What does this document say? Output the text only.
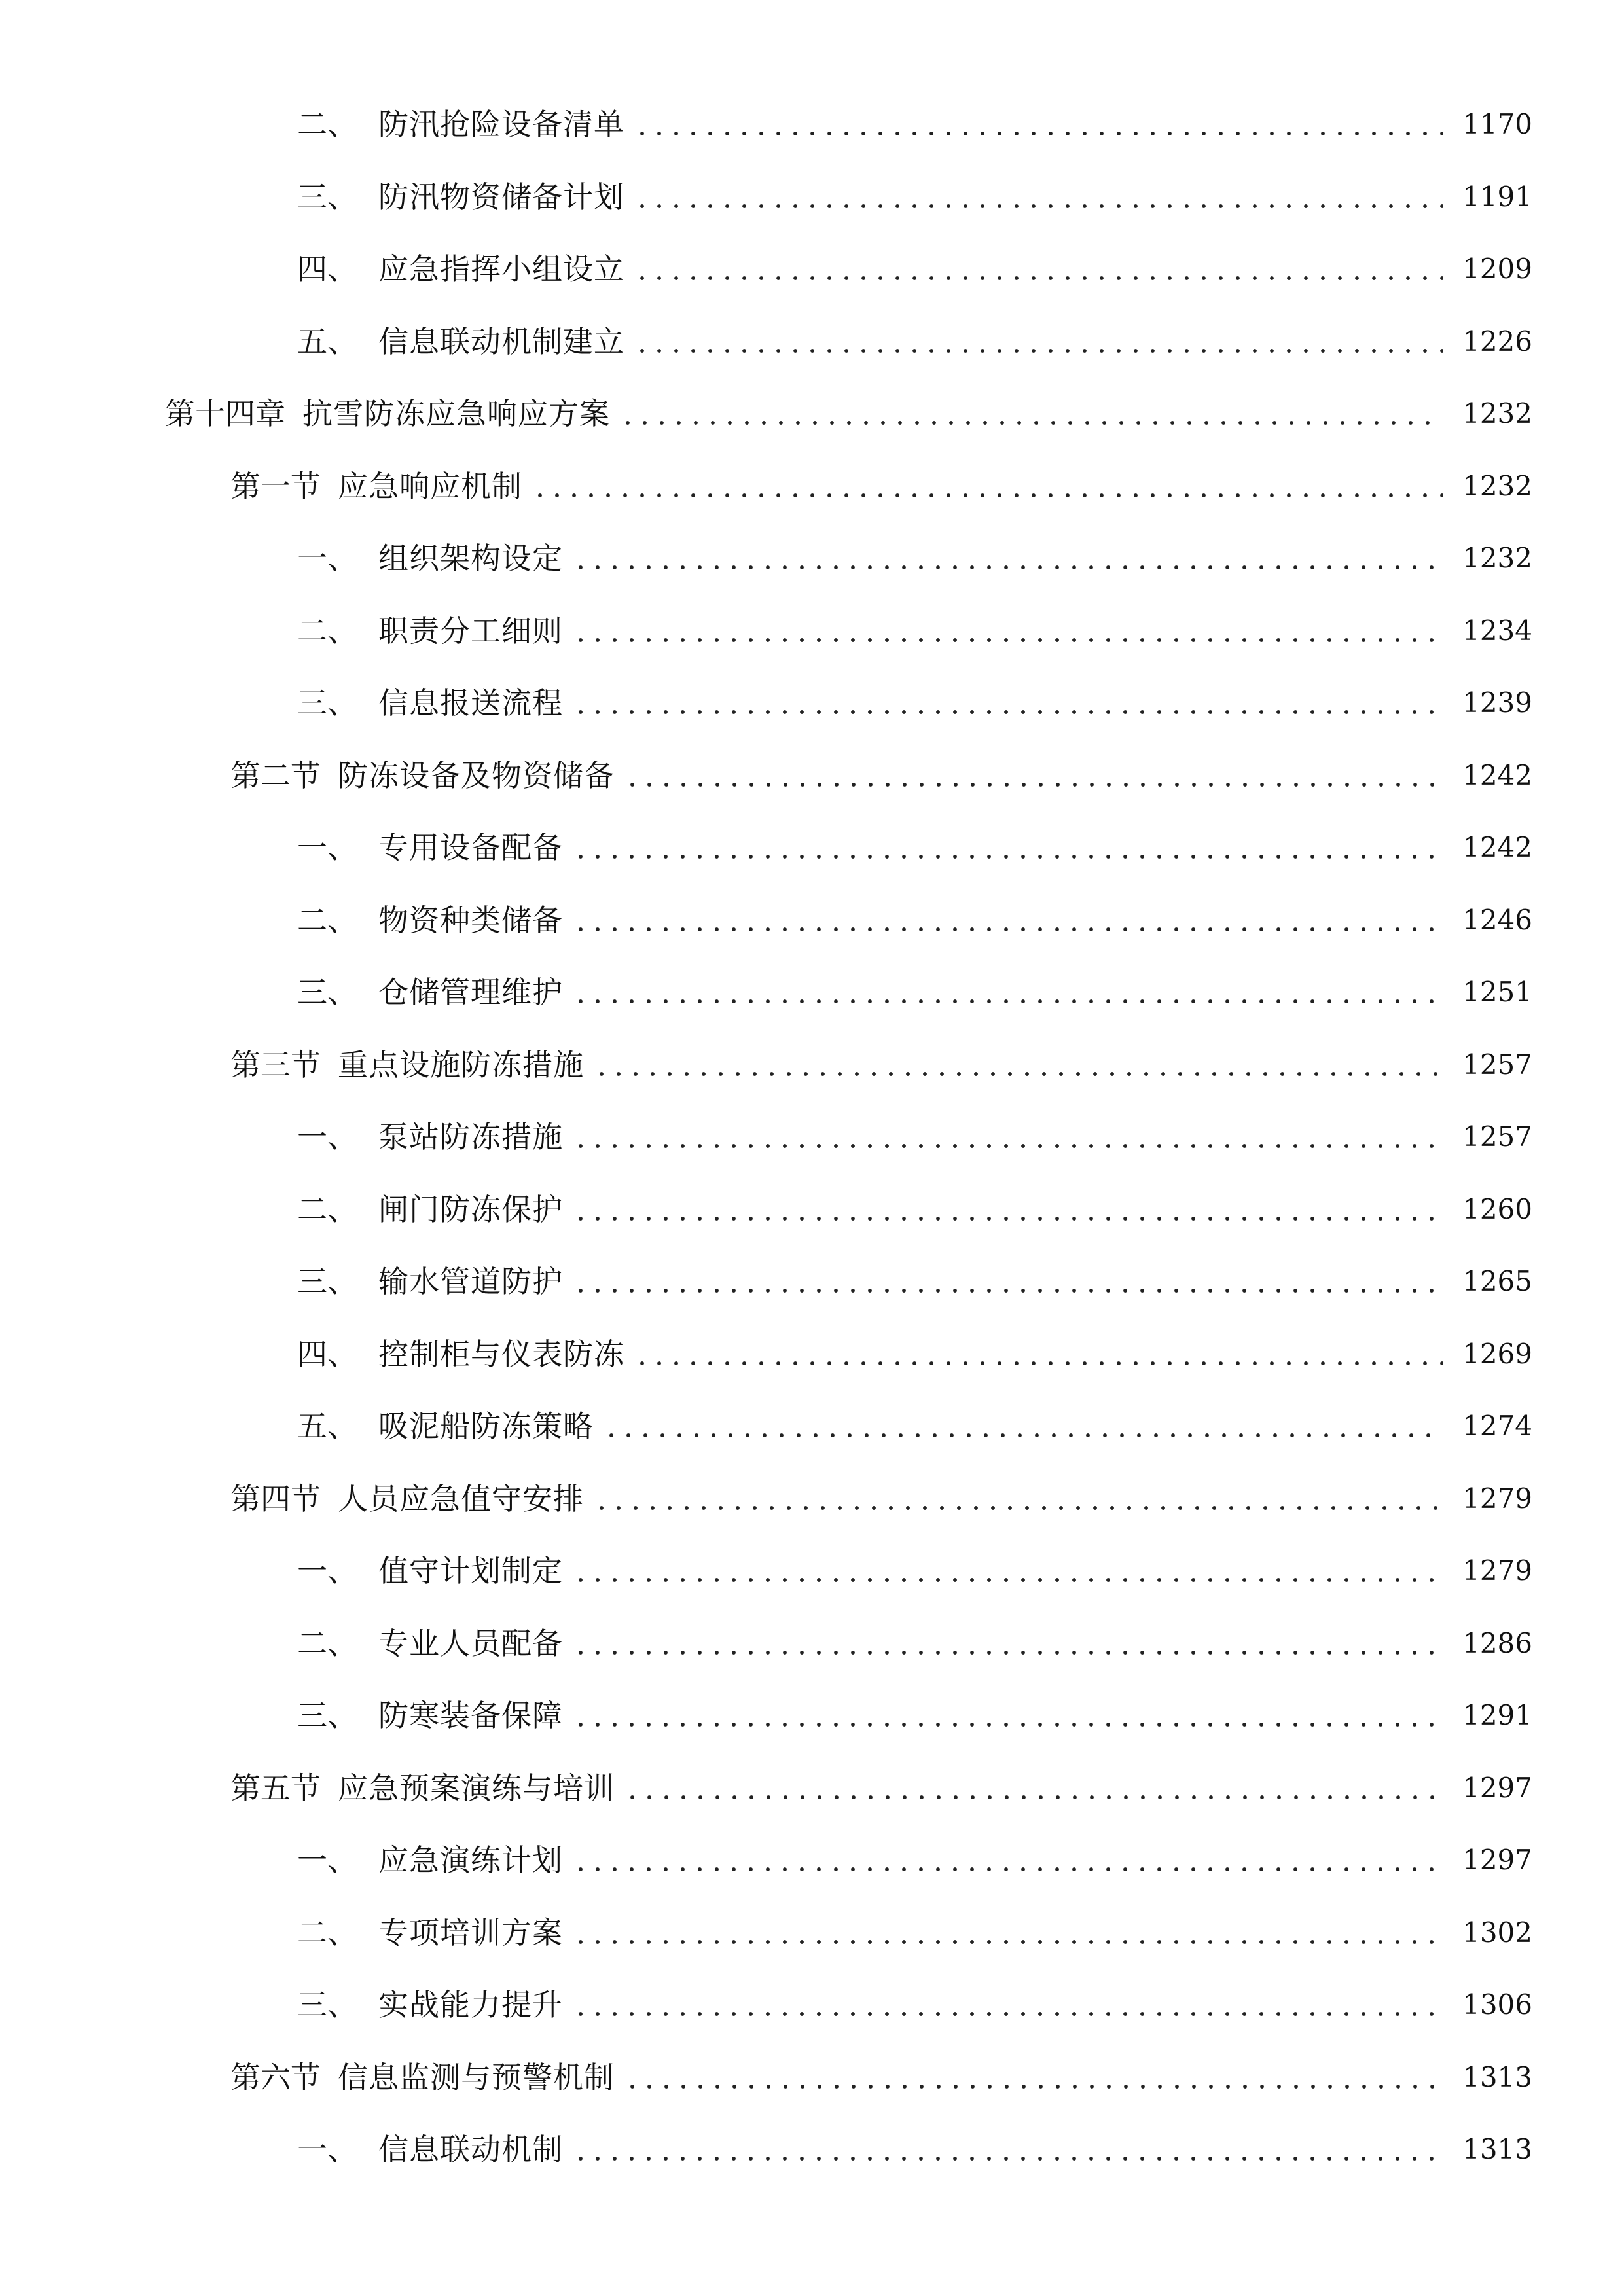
二、 防汛抢险设备清单	1170
三、 防汛物资储备计划	1191
四、 应急指挥小组设立	1209
五、 信息联动机制建立	1226
第十四章 抗雪防冻应急响应方案	1232
第一节 应急响应机制	1232
一、 组织架构设定	1232
二、 职责分工细则	1234
三、 信息报送流程	1239
第二节 防冻设备及物资储备	1242
一、 专用设备配备	1242
二、 物资种类储备	1246
三、 仓储管理维护	1251
第三节 重点设施防冻措施	1257
一、 泵站防冻措施	1257
二、 闸门防冻保护	1260
三、 输水管道防护	1265
四、 控制柜与仪表防冻	1269
五、 吸泥船防冻策略	1274
第四节 人员应急值守安排	1279
一、 值守计划制定	1279
二、 专业人员配备	1286
三、 防寒装备保障	1291
第五节 应急预案演练与培训	1297
一、 应急演练计划	1297
二、 专项培训方案	1302
三、 实战能力提升	1306
第六节 信息监测与预警机制	1313
一、 信息联动机制	1313
